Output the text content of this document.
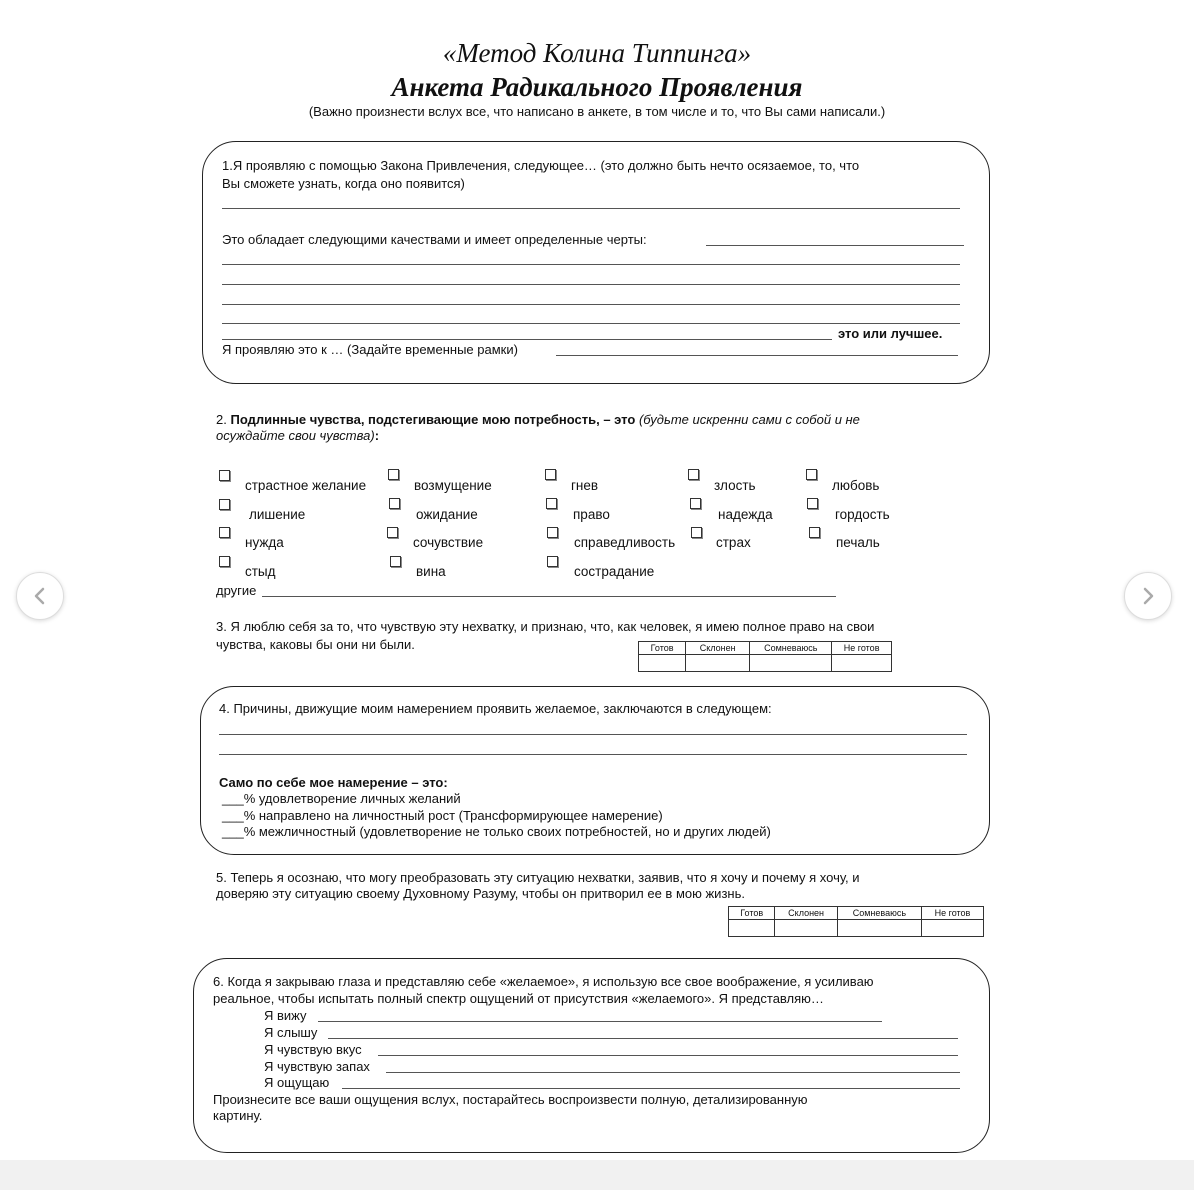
«Метод Колина Типпинга»
Анкета Радикального Проявления
(Важно произнести вслух все, что написано в анкете, в том числе и то, что Вы сами написали.)
1.Я проявляю с помощью Закона Привлечения, следующее… (это должно быть нечто осязаемое, то, что
Вы сможете узнать, когда оно появится)
Это обладает следующими качествами и имеет определенные черты:
это или лучшее.
Я проявляю это к … (Задайте временные рамки)
2. Подлинные чувства, подстегивающие мою потребность, – это (будьте искренни сами с собой и не
осуждайте свои чувства):
страстное желание	возмущение	гнев	злость	любовь
лишение	ожидание	право	надежда	гордость
нужда	сочувствие	справедливость	страх	печаль
стыд	вина	сострадание
другие
3. Я люблю себя за то, что чувствую эту нехватку, и признаю, что, как человек, я имею полное право на свои
чувства, каковы бы они ни были.	Готов	Склонен	Сомневаюсь	Не готов

4. Причины, движущие моим намерением проявить желаемое, заключаются в следующем:
Само по себе мое намерение – это:
___% удовлетворение личных желаний
___% направлено на личностный рост (Трансформирующее намерение)
___% межличностный (удовлетворение не только своих потребностей, но и других людей)
5. Теперь я осознаю, что могу преобразовать эту ситуацию нехватки, заявив, что я хочу и почему я хочу, и
доверяю эту ситуацию своему Духовному Разуму, чтобы он притворил ее в мою жизнь.
Готов	Склонен	Сомневаюсь	Не готов

6. Когда я закрываю глаза и представляю себе «желаемое», я использую все свое воображение, я усиливаю
реальное, чтобы испытать полный спектр ощущений от присутствия «желаемого». Я представляю…
Я вижу
Я слышу
Я чувствую вкус
Я чувствую запах
Я ощущаю
Произнесите все ваши ощущения вслух, постарайтесь воспроизвести полную, детализированную
картину.
